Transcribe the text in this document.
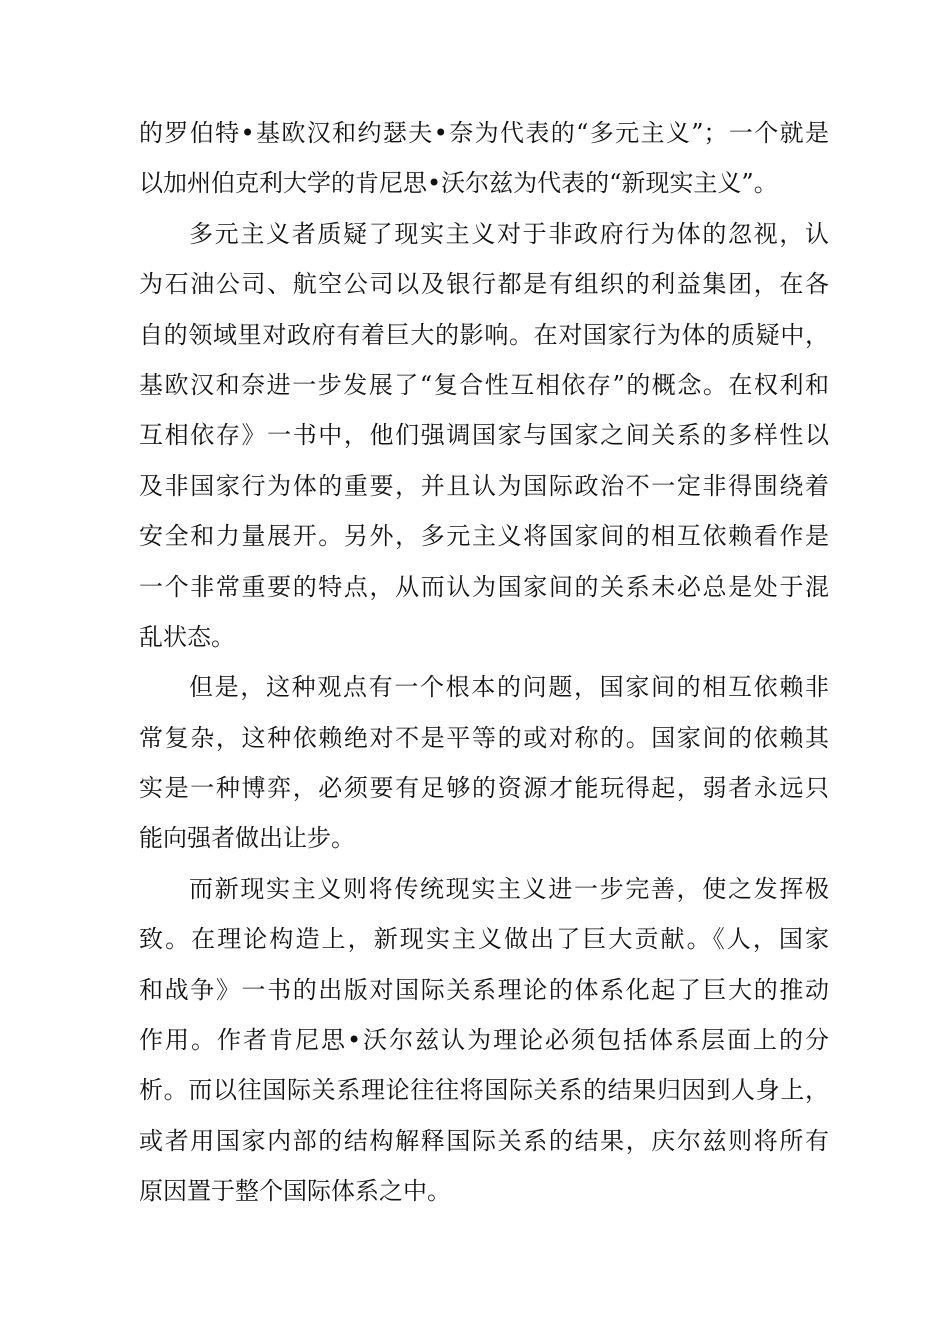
的罗伯特•基欧汉和约瑟夫•奈为代表的“多元主义”；一个就是
以加州伯克利大学的肯尼思•沃尔兹为代表的“新现实主义”。
多元主义者质疑了现实主义对于非政府行为体的忽视，认
为石油公司、航空公司以及银行都是有组织的利益集团，在各
自的领域里对政府有着巨大的影响。在对国家行为体的质疑中，
基欧汉和奈进一步发展了“复合性互相依存”的概念。在权利和
互相依存》一书中，他们强调国家与国家之间关系的多样性以
及非国家行为体的重要，并且认为国际政治不一定非得围绕着
安全和力量展开。另外，多元主义将国家间的相互依赖看作是
一个非常重要的特点，从而认为国家间的关系未必总是处于混
乱状态。
但是，这种观点有一个根本的问题，国家间的相互依赖非
常复杂，这种依赖绝对不是平等的或对称的。国家间的依赖其
实是一种博弈，必须要有足够的资源才能玩得起，弱者永远只
能向强者做出让步。
而新现实主义则将传统现实主义进一步完善，使之发挥极
致。在理论构造上，新现实主义做出了巨大贡献。《人，国家
和战争》一书的出版对国际关系理论的体系化起了巨大的推动
作用。作者肯尼思•沃尔兹认为理论必须包括体系层面上的分
析。而以往国际关系理论往往将国际关系的结果归因到人身上，
或者用国家内部的结构解释国际关系的结果，庆尔兹则将所有
原因置于整个国际体系之中。
